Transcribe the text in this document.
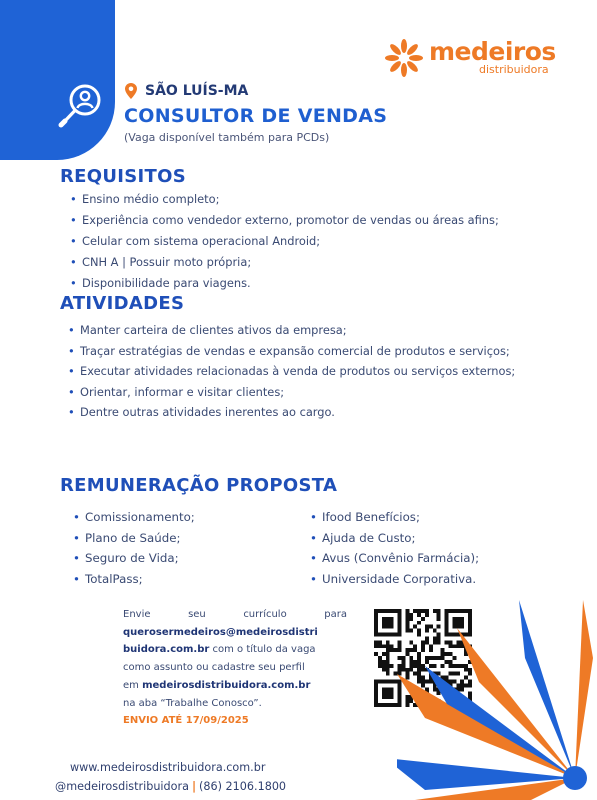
medeiros
distribuidora
SÃO LUÍS-MA
CONSULTOR DE VENDAS
(Vaga disponível também para PCDs)
REQUISITOS
• Ensino médio completo;
• Experiência como vendedor externo, promotor de vendas ou áreas afins;
• Celular com sistema operacional Android;
• CNH A | Possuir moto própria;
• Disponibilidade para viagens.
ATIVIDADES
• Manter carteira de clientes ativos da empresa;
• Traçar estratégias de vendas e expansão comercial de produtos e serviços;
• Executar atividades relacionadas à venda de produtos ou serviços externos;
• Orientar, informar e visitar clientes;
• Dentre outras atividades inerentes ao cargo.
REMUNERAÇÃO PROPOSTA
• Comissionamento;
• Plano de Saúde;
• Seguro de Vida;
• TotalPass;
• Ifood Benefícios;
• Ajuda de Custo;
• Avus (Convênio Farmácia);
• Universidade Corporativa.
Envie	seu	currículo	para
querosermedeiros@medeirosdistri
buidora.com.br com o título da vaga
como assunto ou cadastre seu perfil
em medeirosdistribuidora.com.br
na aba “Trabalhe Conosco”.
ENVIO ATÉ 17/09/2025
www.medeirosdistribuidora.com.br
@medeirosdistribuidora | (86) 2106.1800
